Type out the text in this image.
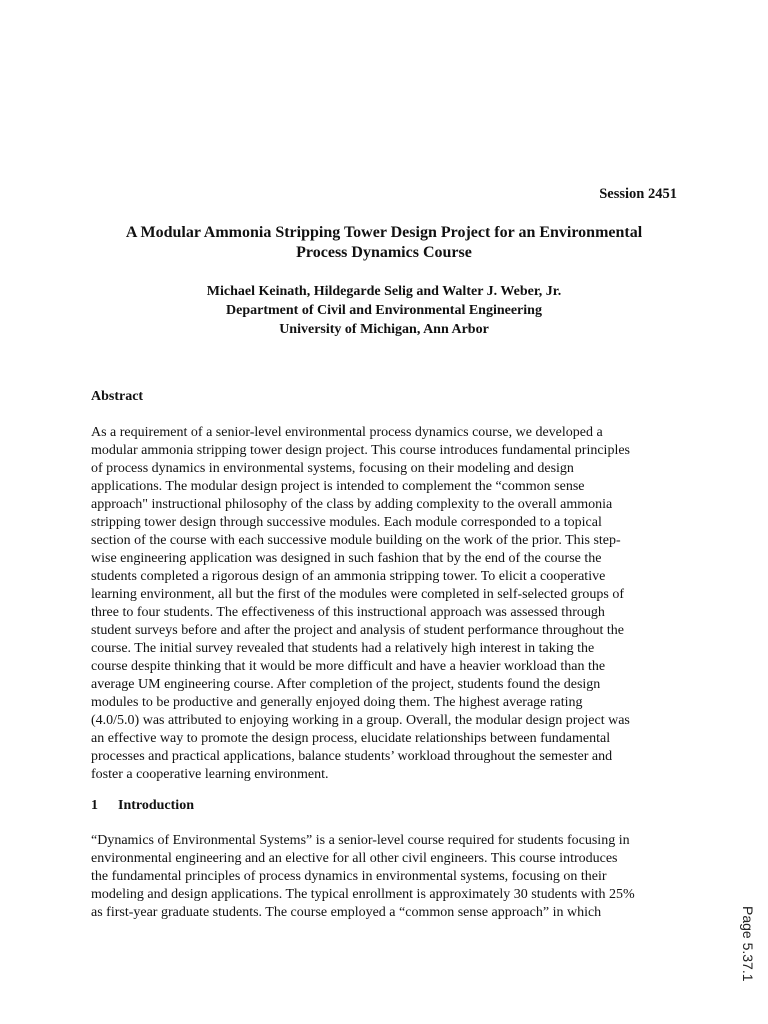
Session 2451
A Modular Ammonia Stripping Tower Design Project for an Environmental
Process Dynamics Course
Michael Keinath, Hildegarde Selig and Walter J. Weber, Jr.
Department of Civil and Environmental Engineering
University of Michigan, Ann Arbor
Abstract
As a requirement of a senior-level environmental process dynamics course, we developed a
modular ammonia stripping tower design project. This course introduces fundamental principles
of process dynamics in environmental systems, focusing on their modeling and design
applications. The modular design project is intended to complement the “common sense
approach" instructional philosophy of the class by adding complexity to the overall ammonia
stripping tower design through successive modules. Each module corresponded to a topical
section of the course with each successive module building on the work of the prior. This step-
wise engineering application was designed in such fashion that by the end of the course the
students completed a rigorous design of an ammonia stripping tower. To elicit a cooperative
learning environment, all but the first of the modules were completed in self-selected groups of
three to four students. The effectiveness of this instructional approach was assessed through
student surveys before and after the project and analysis of student performance throughout the
course. The initial survey revealed that students had a relatively high interest in taking the
course despite thinking that it would be more difficult and have a heavier workload than the
average UM engineering course. After completion of the project, students found the design
modules to be productive and generally enjoyed doing them. The highest average rating
(4.0/5.0) was attributed to enjoying working in a group. Overall, the modular design project was
an effective way to promote the design process, elucidate relationships between fundamental
processes and practical applications, balance students’ workload throughout the semester and
foster a cooperative learning environment.
1 Introduction
“Dynamics of Environmental Systems” is a senior-level course required for students focusing in
environmental engineering and an elective for all other civil engineers. This course introduces
the fundamental principles of process dynamics in environmental systems, focusing on their
modeling and design applications. The typical enrollment is approximately 30 students with 25%
as first-year graduate students. The course employed a “common sense approach” in which	Page 5.37.1
